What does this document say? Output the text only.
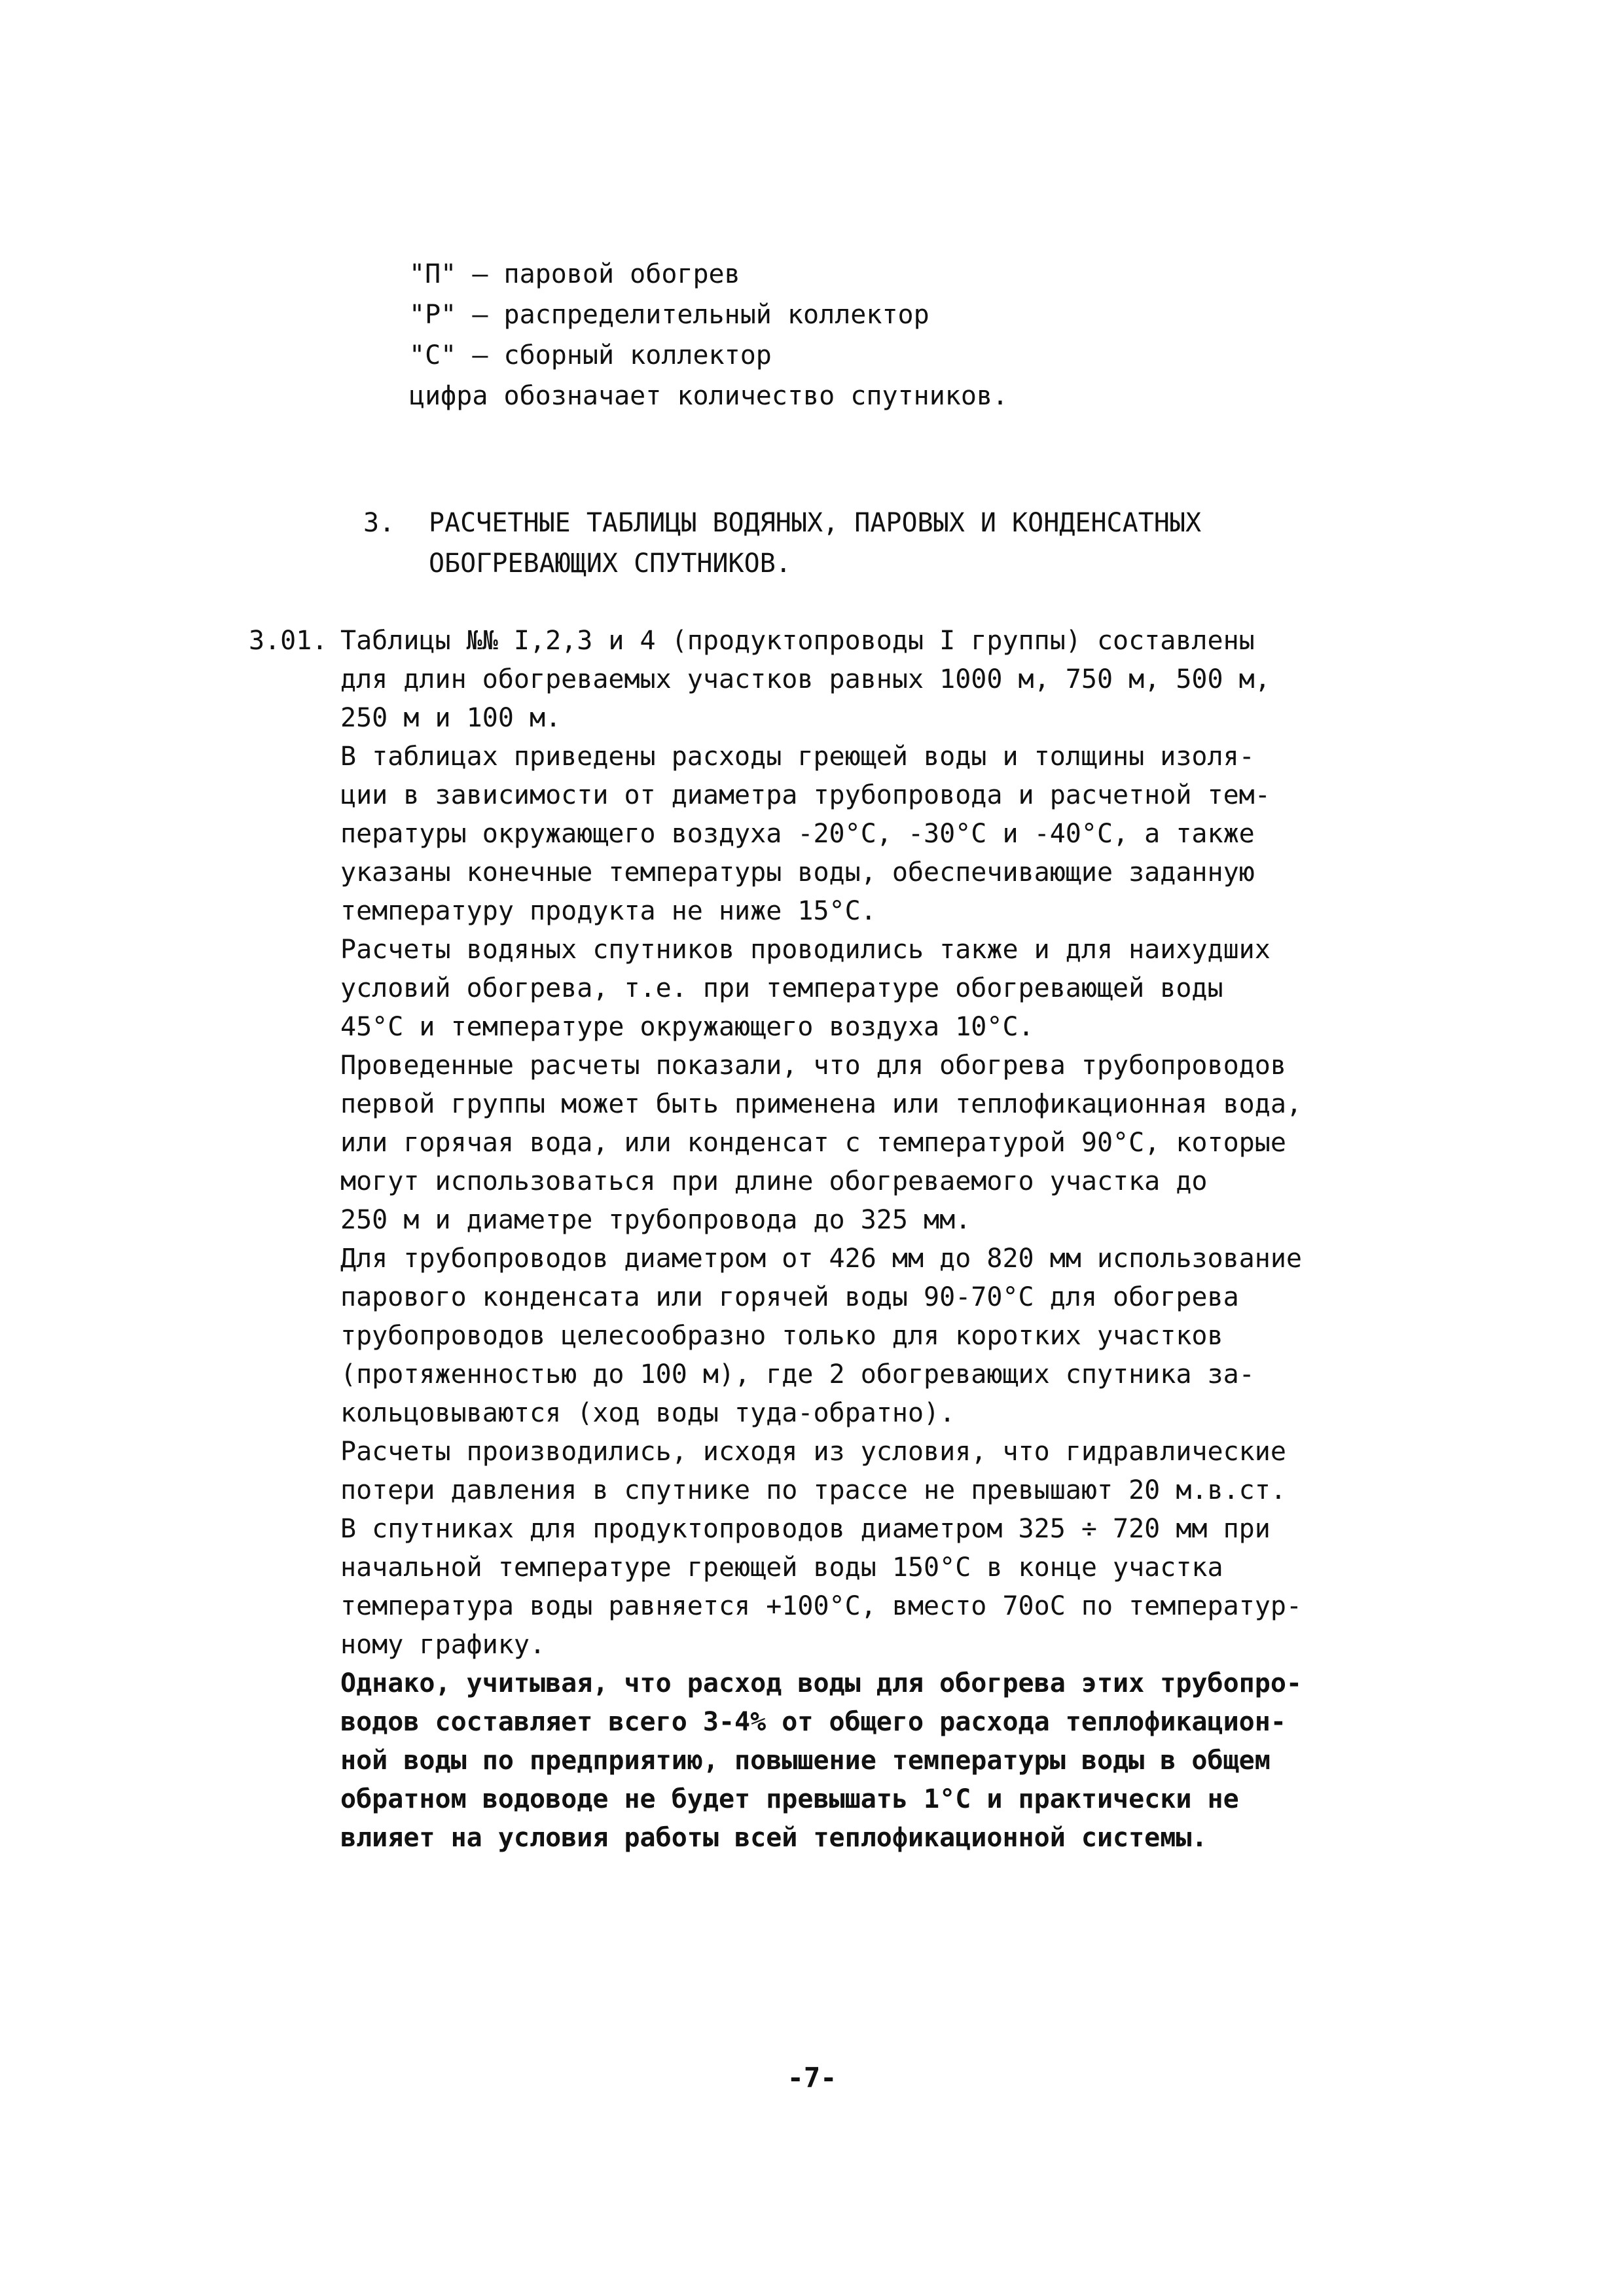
"П" – паровой обогрев
"Р" – распределительный коллектор
"С" – сборный коллектор
цифра обозначает количество спутников.
3. РАСЧЕТНЫЕ ТАБЛИЦЫ ВОДЯНЫХ, ПАРОВЫХ И КОНДЕНСАТНЫХ
ОБОГРЕВАЮЩИХ СПУТНИКОВ.
3.01. Таблицы №№ I,2,3 и 4 (продуктопроводы I группы) составлены
для длин обогреваемых участков равных 1000 м, 750 м, 500 м,
250 м и 100 м.
В таблицах приведены расходы греющей воды и толщины изоля-
ции в зависимости от диаметра трубопровода и расчетной тем-
пературы окружающего воздуха -20°С, -30°С и -40°С, а также
указаны конечные температуры воды, обеспечивающие заданную
температуру продукта не ниже 15°С.
Расчеты водяных спутников проводились также и для наихудших
условий обогрева, т.е. при температуре обогревающей воды
45°С и температуре окружающего воздуха 10°С.
Проведенные расчеты показали, что для обогрева трубопроводов
первой группы может быть применена или теплофикационная вода,
или горячая вода, или конденсат с температурой 90°С, которые
могут использоваться при длине обогреваемого участка до
250 м и диаметре трубопровода до 325 мм.
Для трубопроводов диаметром от 426 мм до 820 мм использование
парового конденсата или горячей воды 90-70°С для обогрева
трубопроводов целесообразно только для коротких участков
(протяженностью до 100 м), где 2 обогревающих спутника за-
кольцовываются (ход воды туда-обратно).
Расчеты производились, исходя из условия, что гидравлические
потери давления в спутнике по трассе не превышают 20 м.в.ст.
В спутниках для продуктопроводов диаметром 325 ÷ 720 мм при
начальной температуре греющей воды 150°С в конце участка
температура воды равняется +100°С, вместо 70оС по температур-
ному графику.
Однако, учитывая, что расход воды для обогрева этих трубопро-
водов составляет всего 3-4% от общего расхода теплофикацион-
ной воды по предприятию, повышение температуры воды в общем
обратном водоводе не будет превышать 1°С и практически не
влияет на условия работы всей теплофикационной системы.
-7-
